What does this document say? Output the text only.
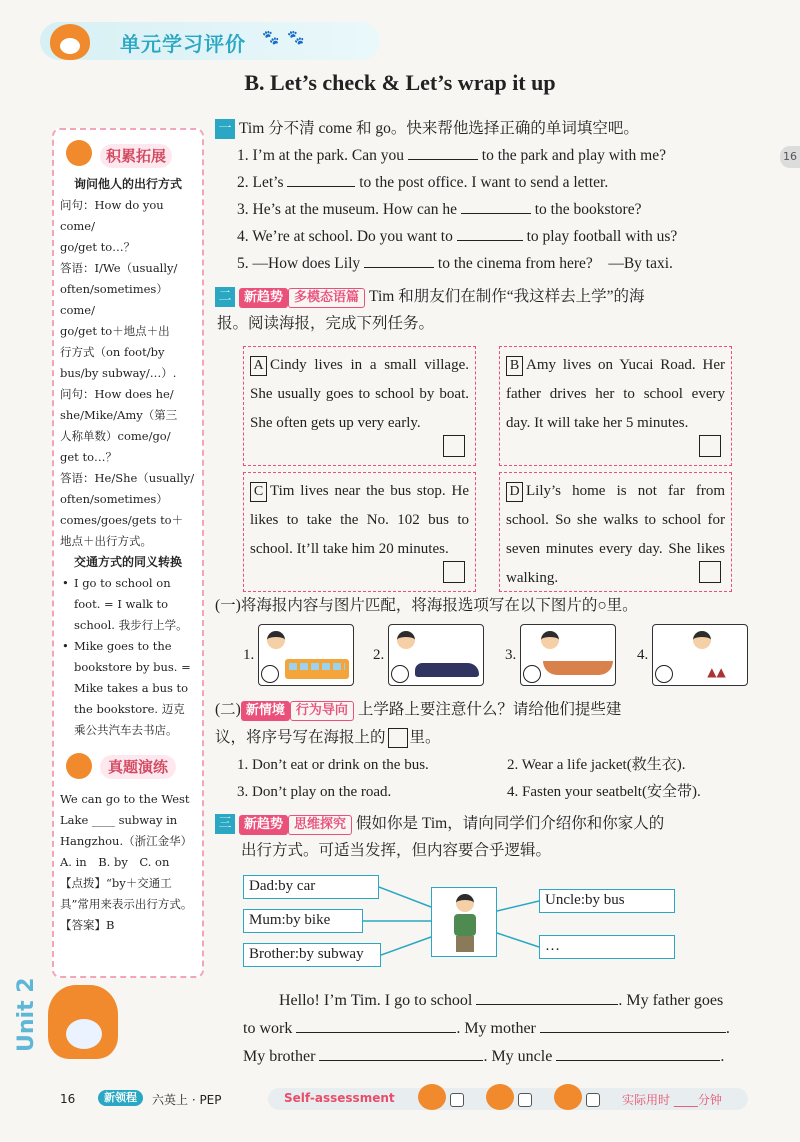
单元学习评价 🐾🐾
B. Let’s check & Let’s wrap it up
16
积累拓展
询问他人的出行方式
问句：How do you come/
go/get to…？
答语：I/We（usually/
often/sometimes）come/
go/get to＋地点＋出
行方式（on foot/by
bus/by subway/…）.
问句：How does he/
she/Mike/Amy（第三
人称单数）come/go/
get to…？
答语：He/She（usually/
often/sometimes）
comes/goes/gets to＋
地点＋出行方式。
交通方式的同义转换
• I go to school on foot. = I walk to school. 我步行上学。
• Mike goes to the bookstore by bus. = Mike takes a bus to the bookstore. 迈克乘公共汽车去书店。
真题演练
We can go to the West Lake ____ subway in Hangzhou.（浙江金华）
A. in　B. by　C. on
【点拨】“by＋交通工具”常用来表示出行方式。
【答案】B
Unit 2
一 Tim 分不清 come 和 go。快来帮他选择正确的单词填空吧。
1. I’m at the park. Can you	to the park and play with me?
2. Let’s	to the post office. I want to send a letter.
3. He’s at the museum. How can he	to the bookstore?
4. We’re at school. Do you want to	to play football with us?
5. —How does Lily	to the cinema from here?　—By taxi.
二 新趋势 多模态语篇 Tim 和朋友们在制作“我这样去上学”的海
报。阅读海报，完成下列任务。
A Cindy lives in a small village. She usually goes to school by boat. She often gets up very early.
B Amy lives on Yucai Road. Her father drives her to school every day. It will take her 5 minutes.
C Tim lives near the bus stop. He likes to take the No. 102 bus to school. It’ll take him 20 minutes.
D Lily’s home is not far from school. So she walks to school for seven minutes every day. She likes walking.
(一)将海报内容与图片匹配，将海报选项写在以下图片的○里。
1.	2.	3.	4.
▲▲
(二) 新情境 行为导向 上学路上要注意什么？请给他们提些建
议，将序号写在海报上的 里。
1. Don’t eat or drink on the bus.	2. Wear a life jacket(救生衣).
3. Don’t play on the road.	4. Fasten your seatbelt(安全带).
三 新趋势 思维探究 假如你是 Tim，请向同学们介绍你和你家人的
出行方式。可适当发挥，但内容要合乎逻辑。
Dad:by car
Mum:by bike
Brother:by subway
Uncle:by bus
…
Hello! I’m Tim. I go to school	. My father goes
to work	. My mother	.
My brother	. My uncle	.
16	新领程	六英上 · PEP	Self-assessment	实际用时 ____分钟
